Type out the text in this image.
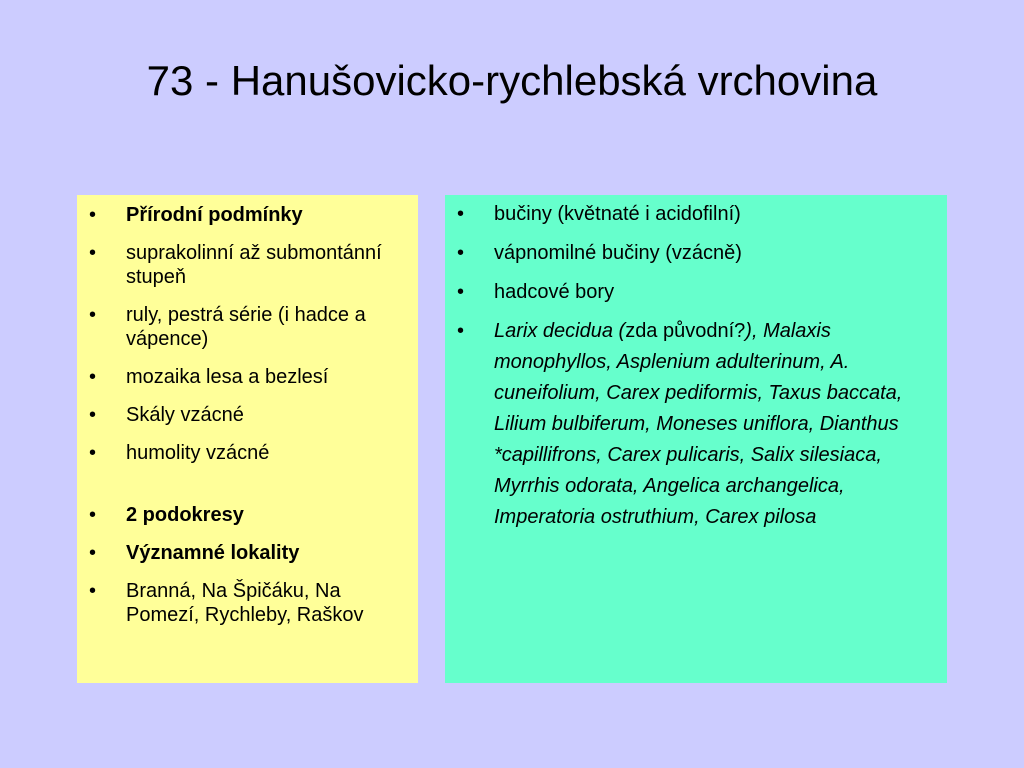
73 - Hanušovicko-rychlebská vrchovina
•	Přírodní podmínky
•	suprakolinní až submontánní stupeň
•	ruly, pestrá série (i hadce a vápence)
•	mozaika lesa a bezlesí
•	Skály vzácné
•	humolity vzácné
•	2 podokresy
•	Významné lokality
•	Branná, Na Špičáku, Na Pomezí, Rychleby, Raškov
•	bučiny (květnaté i acidofilní)
•	vápnomilné bučiny (vzácně)
•	hadcové bory
•	Larix decidua (zda původní?), Malaxis monophyllos, Asplenium adulterinum, A. cuneifolium, Carex pediformis, Taxus baccata, Lilium bulbiferum, Moneses uniflora, Dianthus *capillifrons, Carex pulicaris, Salix silesiaca, Myrrhis odorata, Angelica archangelica, Imperatoria ostruthium, Carex pilosa
